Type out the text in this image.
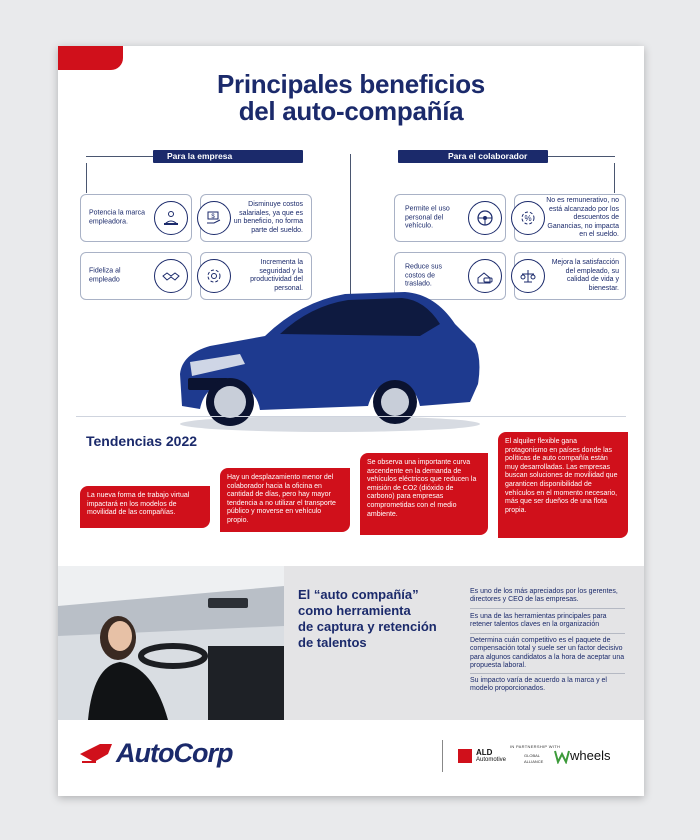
Principales beneficios
del auto-compañía
Para la empresa	Para el colaborador
Potencia la marca empleadora.
Disminuye costos salariales, ya que es un beneficio, no forma parte del sueldo.
Fideliza al empleado
Incrementa la seguridad y la productividad del personal.
$
Permite el uso personal del vehículo.
No es remunerativo, no está alcanzado por los descuentos de Ganancias, no impacta en el sueldo.
Reduce sus costos de traslado.
Mejora la satisfacción del empleado, su calidad de vida y bienestar.
%
Tendencias 2022
La nueva forma de trabajo virtual impactará en los modelos de movilidad de las compañías.
Hay un desplazamiento menor del colaborador hacia la oficina en cantidad de días, pero hay mayor tendencia a no utilizar el transporte público y moverse en vehículo propio.
Se observa una importante curva ascendente en la demanda de vehículos eléctricos que reducen la emisión de CO2 (dióxido de carbono) para empresas comprometidas con el medio ambiente.
El alquiler flexible gana protagonismo en países donde las políticas de auto compañía están muy desarrolladas. Las empresas buscan soluciones de movilidad que garanticen disponibilidad de vehículos en el momento necesario, más que ser dueños de una flota propia.
El “auto compañía”
como herramienta
de captura y retención
de talentos
Es uno de los más apreciados por los gerentes, directores y CEO de las empresas.
Es una de las herramientas principales para retener talentos claves en la organización
Determina cuán competitivo es el paquete de compensación total y suele ser un factor decisivo para algunos candidatos a la hora de aceptar una propuesta laboral.
Su impacto varía de acuerdo a la marca y el modelo proporcionados.
AutoCorp	ALD
Automotive
IN PARTNERSHIP WITH
GLOBAL
ALLIANCE wheels
